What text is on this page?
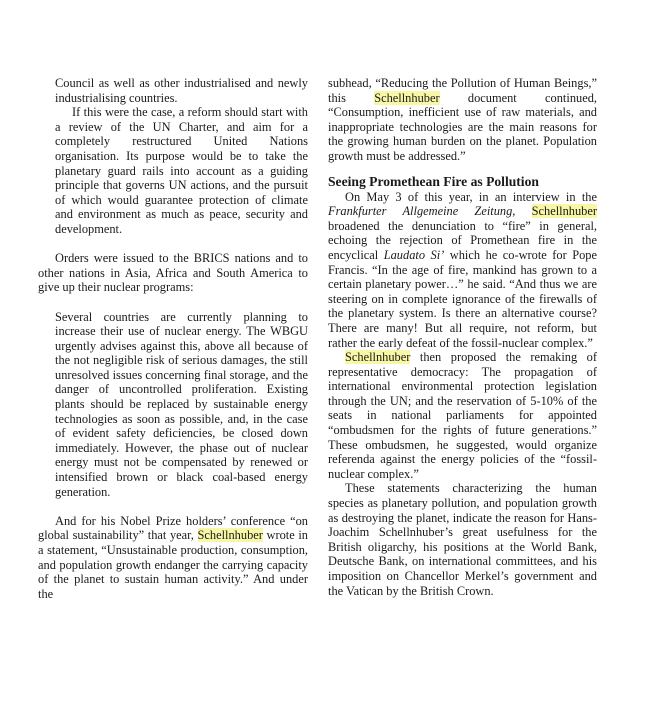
Council as well as other industrialised and newly industrialising countries.

If this were the case, a reform should start with a review of the UN Charter, and aim for a completely restructured United Nations organisation. Its purpose would be to take the planetary guard rails into account as a guiding principle that governs UN actions, and the pursuit of which would guarantee protection of climate and environment as much as peace, security and development.

Orders were issued to the BRICS nations and to other nations in Asia, Africa and South America to give up their nuclear programs:

Several countries are currently planning to increase their use of nuclear energy. The WBGU urgently advises against this, above all because of the not negligible risk of serious damages, the still unresolved issues concerning final storage, and the danger of uncontrolled proliferation. Existing plants should be replaced by sustainable energy technologies as soon as possible, and, in the case of evident safety deficiencies, be closed down immediately. However, the phase out of nuclear energy must not be compensated by renewed or intensified brown or black coal-based energy generation.

And for his Nobel Prize holders’ conference “on global sustainability” that year, Schellnhuber wrote in a statement, “Unsustainable production, consumption, and population growth endanger the carrying capacity of the planet to sustain human activity.” And under the

subhead, “Reducing the Pollution of Human Beings,” this Schellnhuber document continued, “Consumption, inefficient use of raw materials, and inappropriate technologies are the main reasons for the growing human burden on the planet. Population growth must be addressed.”

Seeing Promethean Fire as Pollution

On May 3 of this year, in an interview in the Frankfurter Allgemeine Zeitung, Schellnhuber broadened the denunciation to “fire” in general, echoing the rejection of Promethean fire in the encyclical Laudato Si’ which he co-wrote for Pope Francis. “In the age of fire, mankind has grown to a certain planetary power…” he said. “And thus we are steering on in complete ignorance of the firewalls of the planetary system. Is there an alternative course? There are many! But all require, not reform, but rather the early defeat of the fossil-nuclear complex.”

Schellnhuber then proposed the remaking of representative democracy: The propagation of international environmental protection legislation through the UN; and the reservation of 5-10% of the seats in national parliaments for appointed “ombudsmen for the rights of future generations.” These ombudsmen, he suggested, would organize referenda against the energy policies of the “fossil-nuclear complex.”

These statements characterizing the human species as planetary pollution, and population growth as destroying the planet, indicate the reason for Hans-Joachim Schellnhuber’s great usefulness for the British oligarchy, his positions at the World Bank, Deutsche Bank, on international committees, and his imposition on Chancellor Merkel’s government and the Vatican by the British Crown.
